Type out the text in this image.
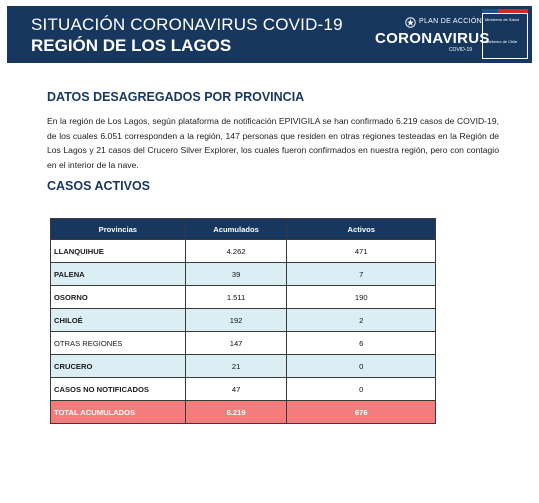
SITUACIÓN CORONAVIRUS COVID-19
REGIÓN DE LOS LAGOS
PLAN DE ACCIÓN
CORONAVIRUS
COVID-19
Ministerio de Salud
Gobierno de Chile
DATOS DESAGREGADOS POR PROVINCIA
En la región de Los Lagos, según plataforma de notificación EPIVIGILA se han confirmado 6.219 casos de COVID-19, de los cuales 6.051 corresponden a la región, 147 personas que residen en otras regiones testeadas en la Región de Los Lagos y 21 casos del Crucero Silver Explorer, los cuales fueron confirmados en nuestra región, pero con contagio en el interior de la nave.
CASOS ACTIVOS
Provincias	Acumulados	Activos
LLANQUIHUE	4.262	471
PALENA	39	7
OSORNO	1.511	190
CHILOÉ	192	2
OTRAS REGIONES	147	6
CRUCERO	21	0
CASOS NO NOTIFICADOS	47	0
TOTAL ACUMULADOS	6.219	676
